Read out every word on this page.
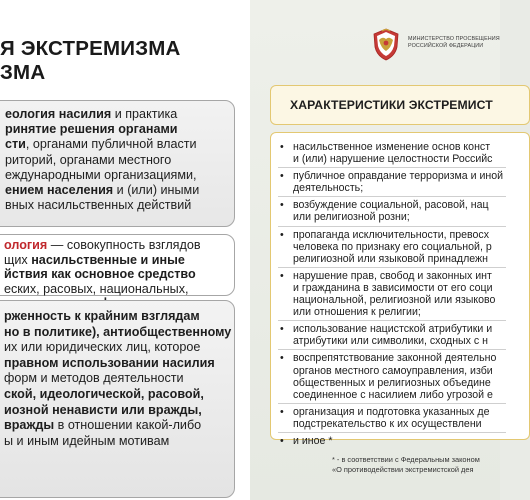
Я ЭКСТРЕМИЗМА
ЗМА
МИНИСТЕРСТВО ПРОСВЕЩЕНИЯ
РОССИЙСКОЙ ФЕДЕРАЦИИ
еология насилия и практика
ринятие решения органами
сти, органами публичной власти
риторий, органами местного
еждународными организациями,
ением населения и (или) иными
вных насильственных действий
ология — совокупность взглядов
щих насильственные и иные
йствия как основное средство
еских, расовых, национальных,
рженность к крайним взглядам
но в политике), антиобщественному
их или юридических лиц, которое
правном использовании насилия
форм и методов деятельности
ской, идеологической, расовой,
иозной ненависти или вражды,
вражды в отношении какой-либо
ы и иным идейным мотивам
ХАРАКТЕРИСТИКИ ЭКСТРЕМИСТ
• насильственное изменение основ конст
и (или) нарушение целостности Российс
• публичное оправдание терроризма и иной
деятельность;
• возбуждение социальной, расовой, нац
или религиозной розни;
• пропаганда исключительности, превосх
человека по признаку его социальной, р
религиозной или языковой принадлежн
• нарушение прав, свобод и законных инт
и гражданина в зависимости от его соци
национальной, религиозной или языково
или отношения к религии;
• использование нацистской атрибутики и
атрибутики или символики, сходных с н
• воспрепятствование законной деятельно
органов местного самоуправления, изби
общественных и религиозных объедине
соединенное с насилием либо угрозой е
• организация и подготовка указанных де
подстрекательство к их осуществлени
• и иное *
* - в соответствии с Федеральным законом
«О противодействии экстремистской дея
